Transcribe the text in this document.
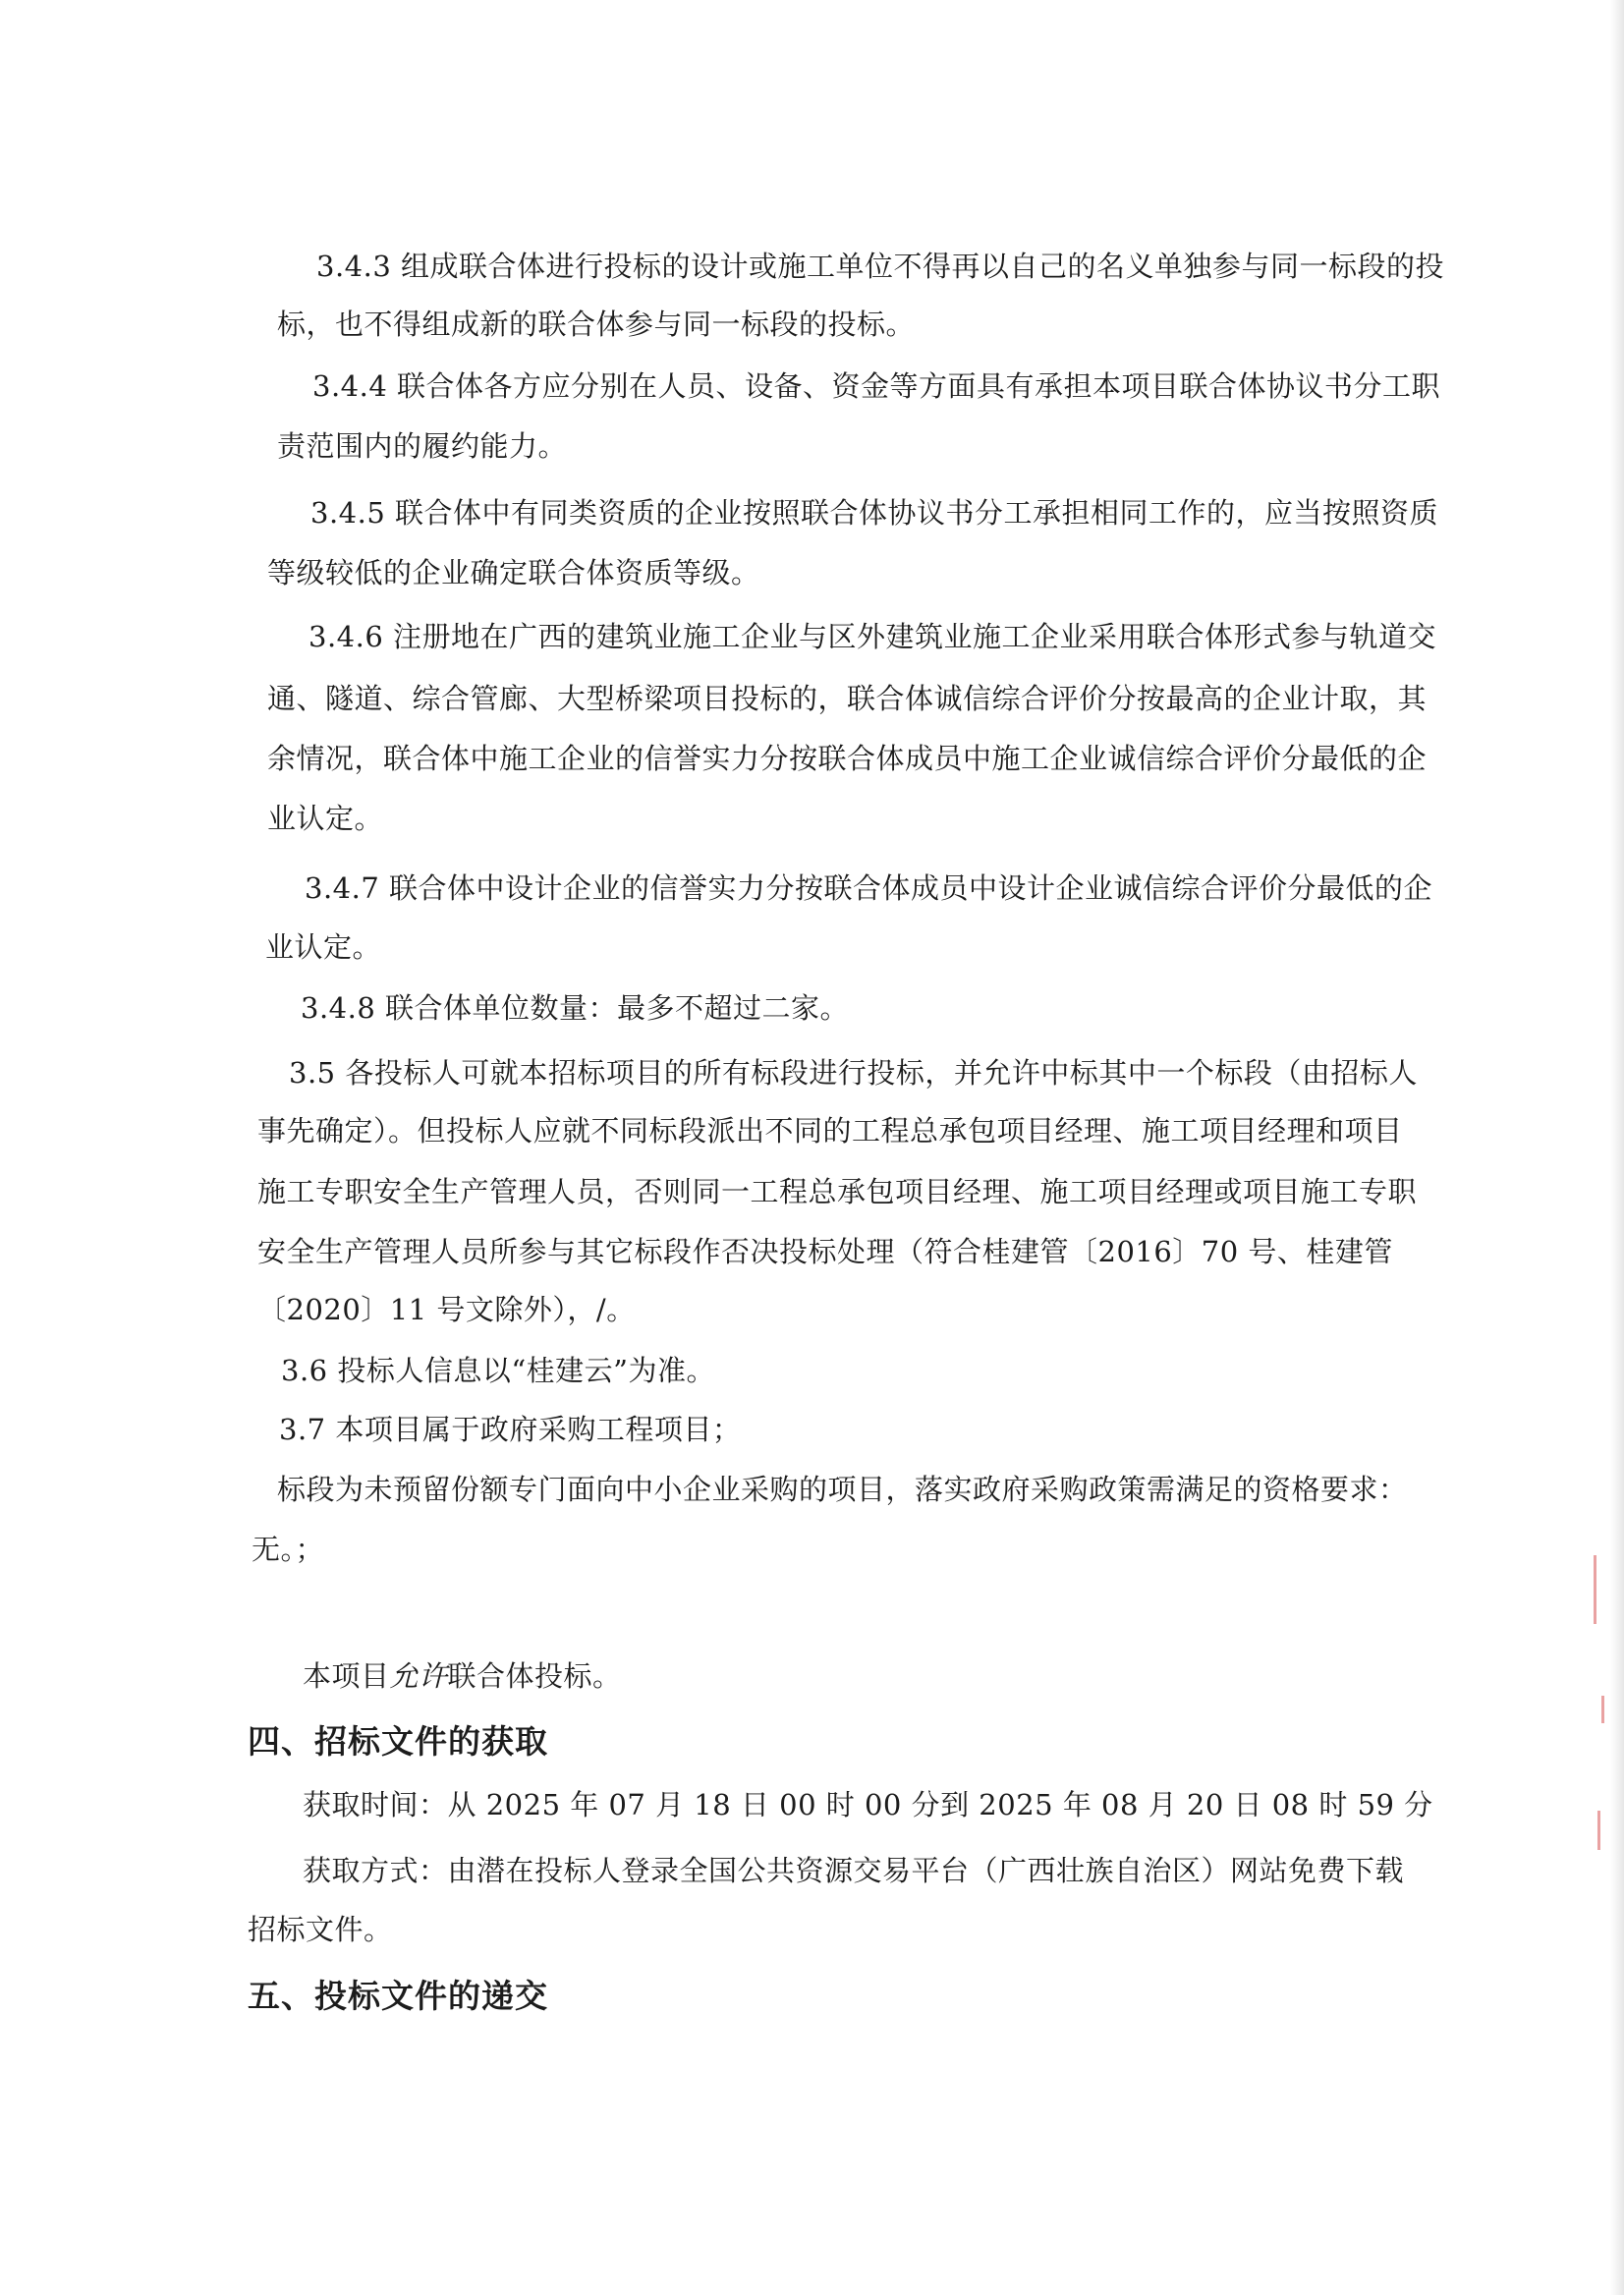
3.4.3 组成联合体进行投标的设计或施工单位不得再以自己的名义单独参与同一标段的投
标，也不得组成新的联合体参与同一标段的投标。
3.4.4 联合体各方应分别在人员、设备、资金等方面具有承担本项目联合体协议书分工职
责范围内的履约能力。
3.4.5 联合体中有同类资质的企业按照联合体协议书分工承担相同工作的，应当按照资质
等级较低的企业确定联合体资质等级。
3.4.6 注册地在广西的建筑业施工企业与区外建筑业施工企业采用联合体形式参与轨道交
通、隧道、综合管廊、大型桥梁项目投标的，联合体诚信综合评价分按最高的企业计取，其
余情况，联合体中施工企业的信誉实力分按联合体成员中施工企业诚信综合评价分最低的企
业认定。
3.4.7 联合体中设计企业的信誉实力分按联合体成员中设计企业诚信综合评价分最低的企
业认定。
3.4.8 联合体单位数量：最多不超过二家。
3.5 各投标人可就本招标项目的所有标段进行投标，并允许中标其中一个标段（由招标人
事先确定）。但投标人应就不同标段派出不同的工程总承包项目经理、施工项目经理和项目
施工专职安全生产管理人员，否则同一工程总承包项目经理、施工项目经理或项目施工专职
安全生产管理人员所参与其它标段作否决投标处理（符合桂建管〔2016〕70 号、桂建管
〔2020〕11 号文除外），/。
3.6 投标人信息以“桂建云”为准。
3.7 本项目属于政府采购工程项目；
标段为未预留份额专门面向中小企业采购的项目，落实政府采购政策需满足的资格要求：
无。；
本项目允许联合体投标。
四、招标文件的获取
获取时间：从 2025 年 07 月 18 日 00 时 00 分到 2025 年 08 月 20 日 08 时 59 分
获取方式：由潜在投标人登录全国公共资源交易平台（广西壮族自治区）网站免费下载
招标文件。
五、投标文件的递交
